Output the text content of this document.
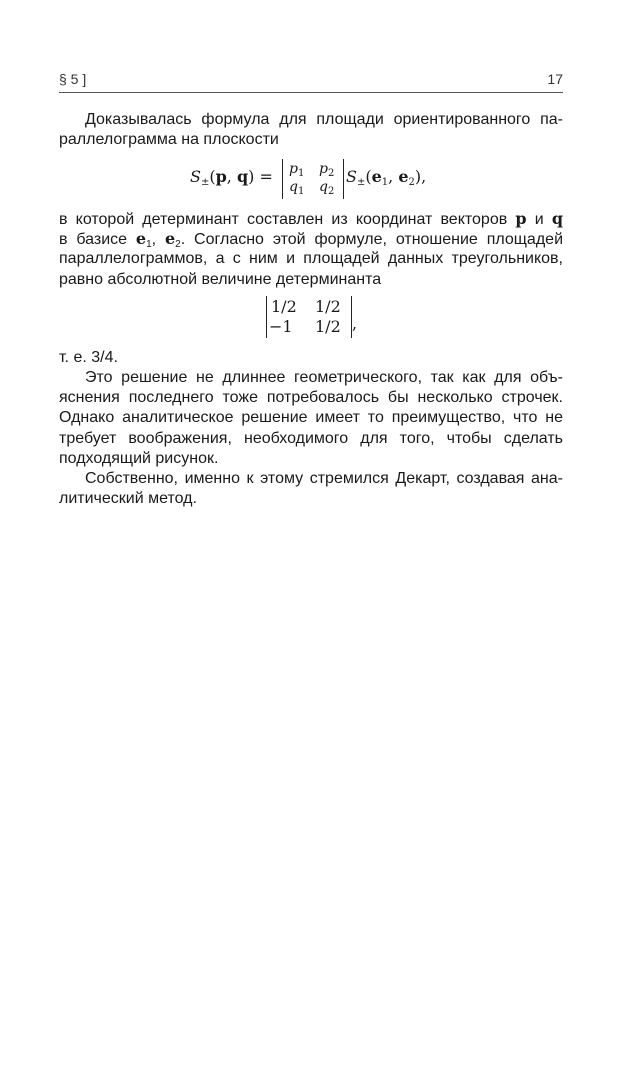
§ 5 ]	17
Доказывалась формула для площади ориентированного па-
раллелограмма на плоскости
$S_\pm(p$, $q) = p_1$ $p_2$
$q_1$ $q_2$
$S_\pm(e_1$, $e_2$),
в которой детерминант составлен из координат векторов p и q
в базисе $e_1$, $e_2$. Согласно этой формуле, отношение площадей
параллелограммов, а с ним и площадей данных треугольников,
равно абсолютной величине детерминанта
1/2 1/2
−1 1/2 ,
т. е. 3/4.
Это решение не длиннее геометрического, так как для объ-
яснения последнего тоже потребовалось бы несколько строчек.
Однако аналитическое решение имеет то преимущество, что не
требует воображения, необходимого для того, чтобы сделать
подходящий рисунок.
Собственно, именно к этому стремился Декарт, создавая ана-
литический метод.
